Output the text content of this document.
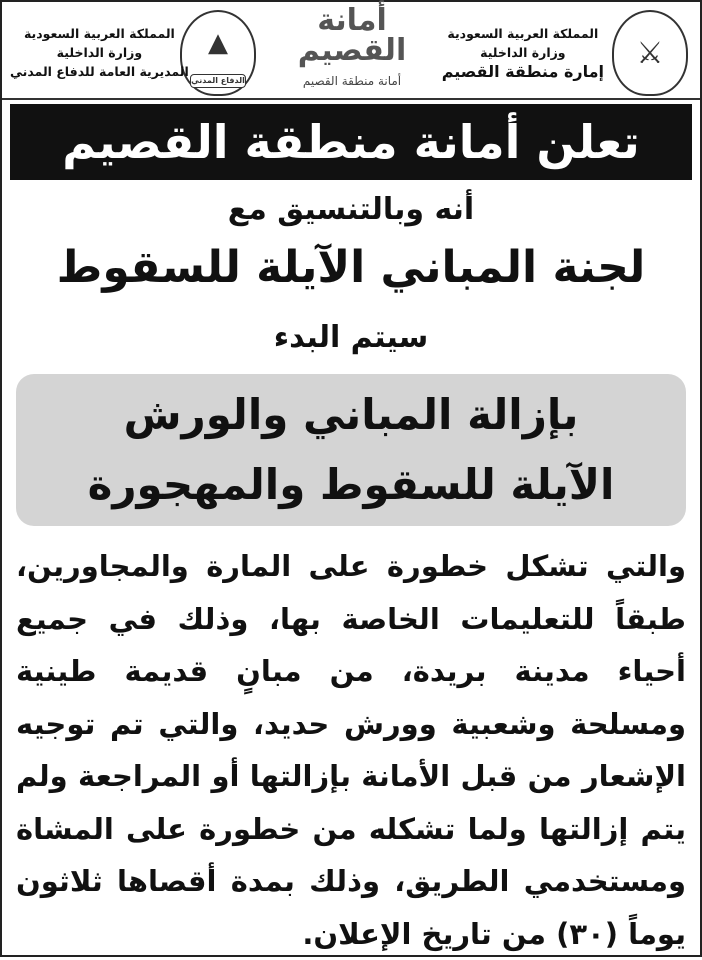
⚔
المملكة العربية السعودية
وزارة الداخلية
إمارة منطقة القصيم
أمانة القصيم
أمانة منطقة القصيم
▲
الدفاع المدني
المملكة العربية السعودية
وزارة الداخلية
المديرية العامة للدفاع المدني
تعلن أمانة منطقة القصيم
أنه وبالتنسيق مع
لجنة المباني الآيلة للسقوط
سيتم البدء
بإزالة المباني والورش
الآيلة للسقوط والمهجورة
والتي تشكل خطورة على المارة والمجاورين،
طبقاً للتعليمات الخاصة بها، وذلك في جميع
أحياء مدينة بريدة، من مبانٍ قديمة طينية
ومسلحة وشعبية وورش حديد، والتي تم توجيه
الإشعار من قبل الأمانة بإزالتها أو المراجعة ولم
يتم إزالتها ولما تشكله من خطورة على المشاة
ومستخدمي الطريق، وذلك بمدة أقصاها ثلاثون
يوماً (٣٠) من تاريخ الإعلان.
